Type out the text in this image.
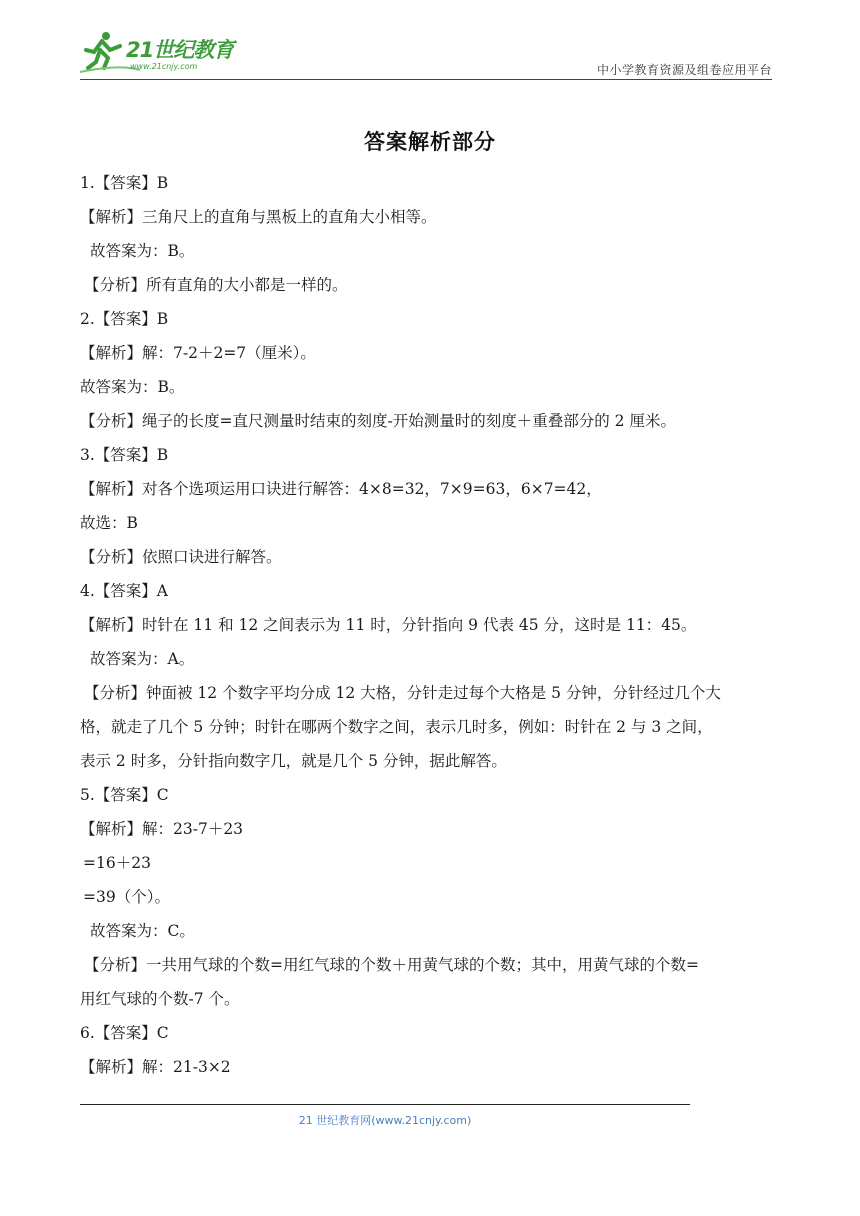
21世纪教育
www.21cnjy.com	中小学教育资源及组卷应用平台
答案解析部分
1.【答案】B
【解析】三角尺上的直角与黑板上的直角大小相等。
故答案为：B。
【分析】所有直角的大小都是一样的。
2.【答案】B
【解析】解：7-2＋2=7（厘米）。
故答案为：B。
【分析】绳子的长度=直尺测量时结束的刻度-开始测量时的刻度＋重叠部分的 2 厘米。
3.【答案】B
【解析】对各个选项运用口诀进行解答：4×8=32，7×9=63，6×7=42，
故选：B
【分析】依照口诀进行解答。
4.【答案】A
【解析】时针在 11 和 12 之间表示为 11 时，分针指向 9 代表 45 分，这时是 11：45。
故答案为：A。
【分析】钟面被 12 个数字平均分成 12 大格，分针走过每个大格是 5 分钟，分针经过几个大
格，就走了几个 5 分钟；时针在哪两个数字之间，表示几时多，例如：时针在 2 与 3 之间，
表示 2 时多，分针指向数字几，就是几个 5 分钟，据此解答。
5.【答案】C
【解析】解：23-7＋23
=16＋23
=39（个）。
故答案为：C。
【分析】一共用气球的个数=用红气球的个数＋用黄气球的个数；其中，用黄气球的个数=
用红气球的个数-7 个。
6.【答案】C
【解析】解：21-3×2
21 世纪教育网(www.21cnjy.com)
